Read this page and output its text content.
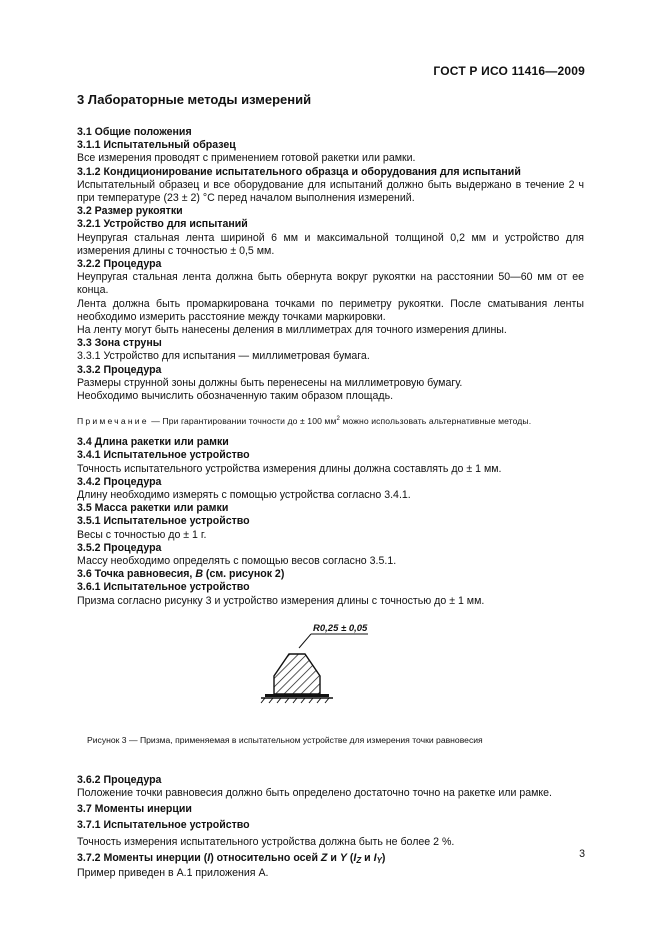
ГОСТ Р ИСО 11416—2009
3 Лабораторные методы измерений
3.1 Общие положения
3.1.1 Испытательный образец
Все измерения проводят с применением готовой ракетки или рамки.
3.1.2 Кондиционирование испытательного образца и оборудования для испытаний
Испытательный образец и все оборудование для испытаний должно быть выдержано в течение 2 ч при температуре (23 ± 2) °С перед началом выполнения измерений.
3.2 Размер рукоятки
3.2.1 Устройство для испытаний
Неупругая стальная лента шириной 6 мм и максимальной толщиной 0,2 мм и устройство для измерения длины с точностью ± 0,5 мм.
3.2.2 Процедура
Неупругая стальная лента должна быть обернута вокруг рукоятки на расстоянии 50—60 мм от ее конца.
Лента должна быть промаркирована точками по периметру рукоятки. После сматывания ленты необходимо измерить расстояние между точками маркировки.
На ленту могут быть нанесены деления в миллиметрах для точного измерения длины.
3.3 Зона струны
3.3.1 Устройство для испытания — миллиметровая бумага.
3.3.2 Процедура
Размеры струнной зоны должны быть перенесены на миллиметровую бумагу.
Необходимо вычислить обозначенную таким образом площадь.
Примечание — При гарантировании точности до ± 100 $мм^2$ можно использовать альтернативные методы.
3.4 Длина ракетки или рамки
3.4.1 Испытательное устройство
Точность испытательного устройства измерения длины должна составлять до ± 1 мм.
3.4.2 Процедура
Длину необходимо измерять с помощью устройства согласно 3.4.1.
3.5 Масса ракетки или рамки
3.5.1 Испытательное устройство
Весы с точностью до ± 1 г.
3.5.2 Процедура
Массу необходимо определять с помощью весов согласно 3.5.1.
3.6 Точка равновесия, B (см. рисунок 2)
3.6.1 Испытательное устройство
Призма согласно рисунку 3 и устройство измерения длины с точностью до ± 1 мм.
R0,25 ± 0,05
Рисунок 3 — Призма, применяемая в испытательном устройстве для измерения точки равновесия
3.6.2 Процедура
Положение точки равновесия должно быть определено достаточно точно на ракетке или рамке.
3.7 Моменты инерции
3.7.1 Испытательное устройство
Точность измерения испытательного устройства должна быть не более 2 %.
3.7.2 Моменты инерции (I) относительно осей Z и Y ($I_Z$ и $I_Y$)
Пример приведен в А.1 приложения А.
3
